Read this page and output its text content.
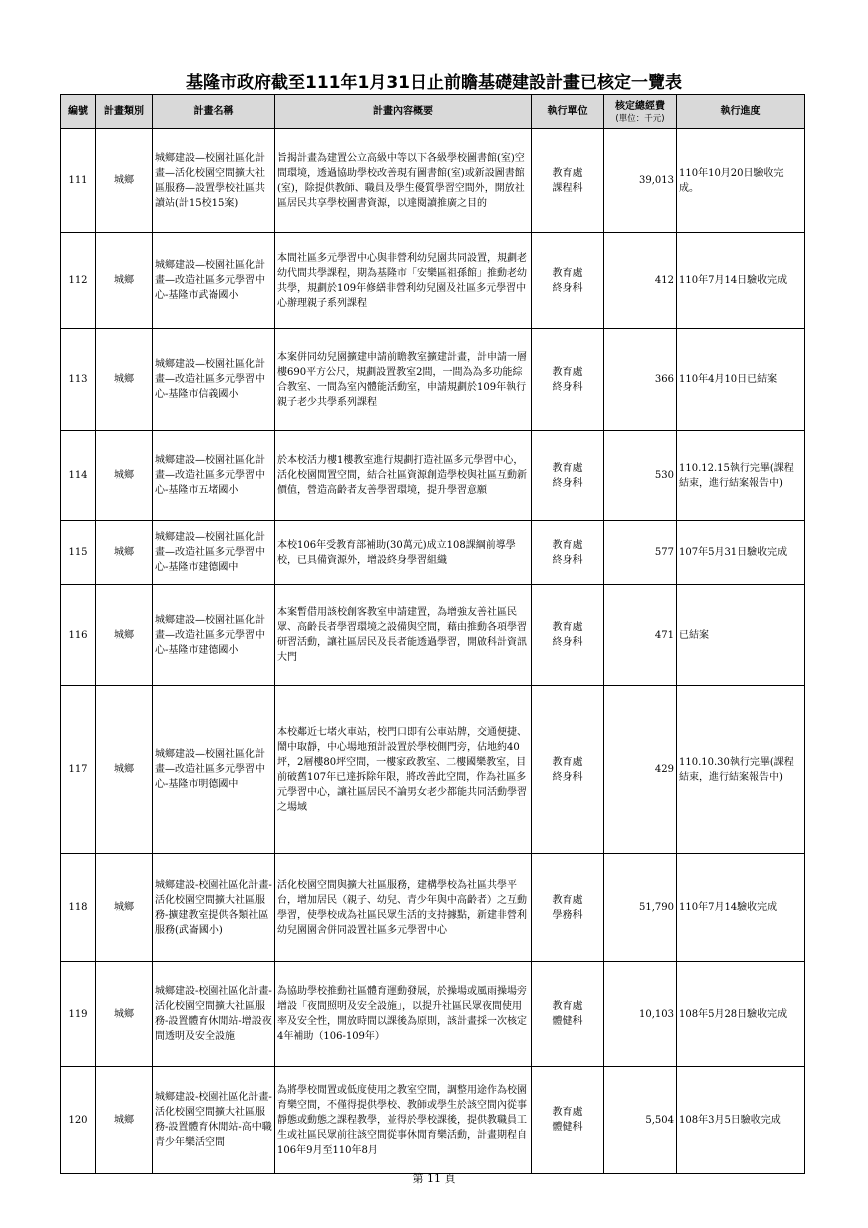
基隆市政府截至111年1月31日止前瞻基礎建設計畫已核定一覽表
編號	計畫類別	計畫名稱	計畫內容概要	執行單位	核定總經費
(單位：千元)	執行進度
111	城鄉	城鄉建設—校園社區化計畫—活化校園空間擴大社區服務—設置學校社區共讀站(計15校15案)	旨揭計畫為建置公立高級中等以下各級學校圖書館(室)空間環境，透過協助學校改善現有圖書館(室)或新設圖書館(室)，除提供教師、職員及學生優質學習空間外，開放社區居民共享學校圖書資源，以達閱讀推廣之目的	教育處
課程科	39,013	110年10月20日驗收完成。
112	城鄉	城鄉建設—校園社區化計畫—改造社區多元學習中心-基隆市武崙國小	本間社區多元學習中心與非營利幼兒園共同設置，規劃老幼代間共學課程，期為基隆市「安樂區祖孫館」推動老幼共學，規劃於109年修繕非營利幼兒園及社區多元學習中心辦理親子系列課程	教育處
終身科	412	110年7月14日驗收完成
113	城鄉	城鄉建設—校園社區化計畫—改造社區多元學習中心-基隆市信義國小	本案併同幼兒園擴建申請前瞻教室擴建計畫，計申請一層樓690平方公尺，規劃設置教室2間，一間為為多功能綜合教室、一間為室內體能活動室，申請規劃於109年執行親子老少共學系列課程	教育處
終身科	366	110年4月10日已結案
114	城鄉	城鄉建設—校園社區化計畫—改造社區多元學習中心-基隆市五堵國小	於本校活力樓1樓教室進行規劃打造社區多元學習中心，活化校園閒置空間，結合社區資源創造學校與社區互動新價值，營造高齡者友善學習環境，提升學習意願	教育處
終身科	530	110.12.15執行完畢(課程結束，進行結案報告中)
115	城鄉	城鄉建設—校園社區化計畫—改造社區多元學習中心-基隆市建德國中	本校106年受教育部補助(30萬元)成立108課綱前導學校，已具備資源外，增設終身學習組織	教育處
終身科	577	107年5月31日驗收完成
116	城鄉	城鄉建設—校園社區化計畫—改造社區多元學習中心-基隆市建德國小	本案暫借用該校創客教室申請建置，為增強友善社區民眾、高齡長者學習環境之設備與空間，藉由推動各項學習研習活動，讓社區居民及長者能透過學習，開啟科計資訊大門	教育處
終身科	471	已結案
117	城鄉	城鄉建設—校園社區化計畫—改造社區多元學習中心-基隆市明德國中	本校鄰近七堵火車站，校門口即有公車站牌，交通便捷、鬧中取靜，中心場地預計設置於學校側門旁，佔地約40坪，2層樓80坪空間，一樓家政教室、二樓國樂教室，目前破舊107年已達拆除年限，將改善此空間，作為社區多元學習中心，讓社區居民不論男女老少都能共同活動學習之場域	教育處
終身科	429	110.10.30執行完畢(課程結束，進行結案報告中)
118	城鄉	城鄉建設-校園社區化計畫-活化校園空間擴大社區服務-擴建教室提供各類社區服務(武崙國小)	活化校園空間與擴大社區服務，建構學校為社區共學平台，增加居民（親子、幼兒、青少年與中高齡者）之互動學習，使學校成為社區民眾生活的支持據點，新建非營利幼兒園園舍併同設置社區多元學習中心	教育處
學務科	51,790	110年7月14驗收完成
119	城鄉	城鄉建設-校園社區化計畫-活化校園空間擴大社區服務-設置體育休閒站-增設夜間透明及安全設施	為協助學校推動社區體育運動發展，於操場或風雨操場旁增設「夜間照明及安全設施」，以提升社區民眾夜間使用率及安全性，開放時間以課後為原則，該計畫採一次核定4年補助（106-109年）	教育處
體健科	10,103	108年5月28日驗收完成
120	城鄉	城鄉建設-校園社區化計畫-活化校園空間擴大社區服務-設置體育休閒站-高中職青少年樂活空間	為將學校閒置或低度使用之教室空間，調整用途作為校園育樂空間，不僅得提供學校、教師或學生於該空間內從事靜態或動態之課程教學，並得於學校課後，提供教職員工生或社區民眾前往該空間從事休閒育樂活動，計畫期程自106年9月至110年8月	教育處
體健科	5,504	108年3月5日驗收完成
第 11 頁
